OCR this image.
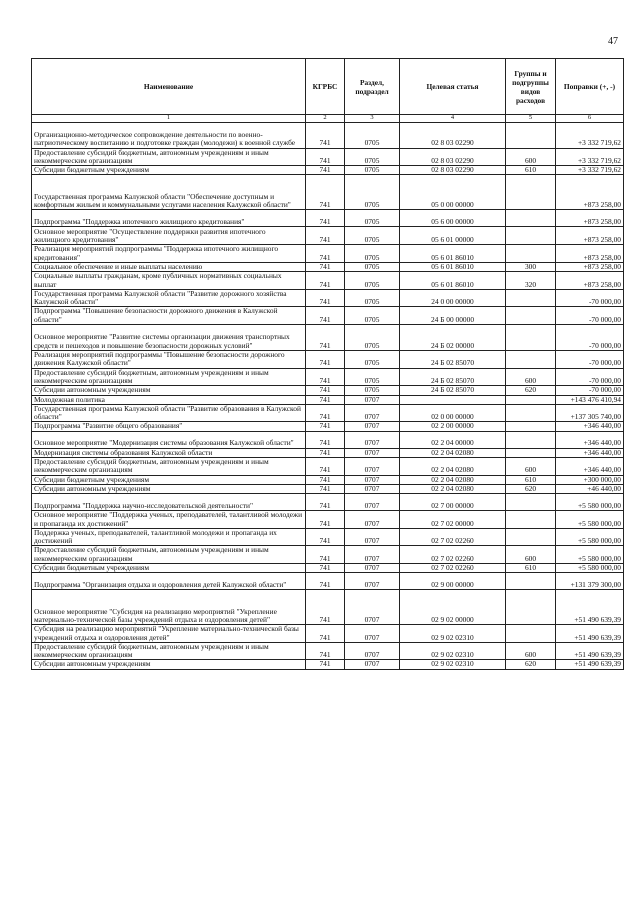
47
Наименование	КГРБС	Раздел, подраздел	Целевая статья	Группы и подгруппы видов расходов	Поправки (+, -)
1	2	3	4	5	6
Организационно-методическое сопровождение деятельности по военно-патриотическому воспитанию и подготовке граждан (молодежи) к военной службе	741	0705	02 8 03 02290		+3 332 719,62
Предоставление субсидий бюджетным, автономным учреждениям и иным некоммерческим организациям	741	0705	02 8 03 02290	600	+3 332 719,62
Субсидии бюджетным учреждениям	741	0705	02 8 03 02290	610	+3 332 719,62
Государственная программа Калужской области "Обеспечение доступным и комфортным жильем и коммунальными услугами населения Калужской области"	741	0705	05 0 00 00000		+873 258,00
Подпрограмма "Поддержка ипотечного жилищного кредитования"	741	0705	05 6 00 00000		+873 258,00
Основное мероприятие "Осуществление поддержки развития ипотечного жилищного кредитования"	741	0705	05 6 01 00000		+873 258,00
Реализация мероприятий подпрограммы "Поддержка ипотечного жилищного кредитования"	741	0705	05 6 01 86010		+873 258,00
Социальное обеспечение и иные выплаты населению	741	0705	05 6 01 86010	300	+873 258,00
Социальные выплаты гражданам, кроме публичных нормативных социальных выплат	741	0705	05 6 01 86010	320	+873 258,00
Государственная программа Калужской области "Развитие дорожного хозяйства Калужской области"	741	0705	24 0 00 00000		-70 000,00
Подпрограмма "Повышение безопасности дорожного движения в Калужской области"	741	0705	24 Б 00 00000		-70 000,00
Основное мероприятие "Развитие системы организации движения транспортных средств и пешеходов и повышение безопасности дорожных условий"	741	0705	24 Б 02 00000		-70 000,00
Реализация мероприятий подпрограммы "Повышение безопасности дорожного движения Калужской области"	741	0705	24 Б 02 85070		-70 000,00
Предоставление субсидий бюджетным, автономным учреждениям и иным некоммерческим организациям	741	0705	24 Б 02 85070	600	-70 000,00
Субсидии автономным учреждениям	741	0705	24 Б 02 85070	620	-70 000,00
Молодежная политика	741	0707			+143 476 410,94
Государственная программа Калужской области "Развитие образования в Калужской области"	741	0707	02 0 00 00000		+137 305 740,00
Подпрограмма "Развитие общего образования"	741	0707	02 2 00 00000		+346 440,00
Основное мероприятие "Модернизация системы образования Калужской области"	741	0707	02 2 04 00000		+346 440,00
Модернизация системы образования Калужской области	741	0707	02 2 04 02080		+346 440,00
Предоставление субсидий бюджетным, автономным учреждениям и иным некоммерческим организациям	741	0707	02 2 04 02080	600	+346 440,00
Субсидии бюджетным учреждениям	741	0707	02 2 04 02080	610	+300 000,00
Субсидии автономным учреждениям	741	0707	02 2 04 02080	620	+46 440,00
Подпрограмма "Поддержка научно-исследовательской деятельности"	741	0707	02 7 00 00000		+5 580 000,00
Основное мероприятие "Поддержка ученых, преподавателей, талантливой молодежи и пропаганда их достижений"	741	0707	02 7 02 00000		+5 580 000,00
Поддержка ученых, преподавателей, талантливой молодежи и пропаганда их достижений	741	0707	02 7 02 02260		+5 580 000,00
Предоставление субсидий бюджетным, автономным учреждениям и иным некоммерческим организациям	741	0707	02 7 02 02260	600	+5 580 000,00
Субсидии бюджетным учреждениям	741	0707	02 7 02 02260	610	+5 580 000,00
Подпрограмма "Организация отдыха и оздоровления детей Калужской области"	741	0707	02 9 00 00000		+131 379 300,00
Основное мероприятие "Субсидия на реализацию мероприятий "Укрепление материально-технической базы учреждений отдыха и оздоровления детей"	741	0707	02 9 02 00000		+51 490 639,39
Субсидия на реализацию мероприятий "Укрепление материально-технической базы учреждений отдыха и оздоровления детей"	741	0707	02 9 02 02310		+51 490 639,39
Предоставление субсидий бюджетным, автономным учреждениям и иным некоммерческим организациям	741	0707	02 9 02 02310	600	+51 490 639,39
Субсидии автономным учреждениям	741	0707	02 9 02 02310	620	+51 490 639,39
